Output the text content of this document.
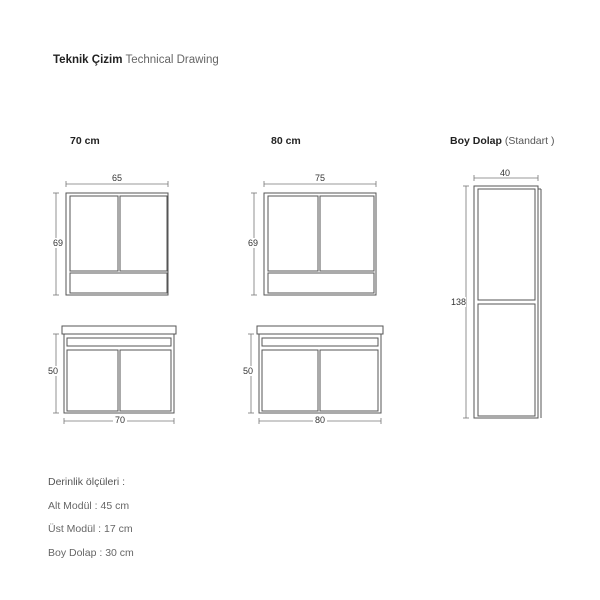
Teknik Çizim Technical Drawing
70 cm	80 cm	Boy Dolap (Standart )
65
69
50
70
75
69
50
80
40
138
Derinlik ölçüleri :
Alt Modül : 45 cm
Üst Modül : 17 cm
Boy Dolap : 30 cm
